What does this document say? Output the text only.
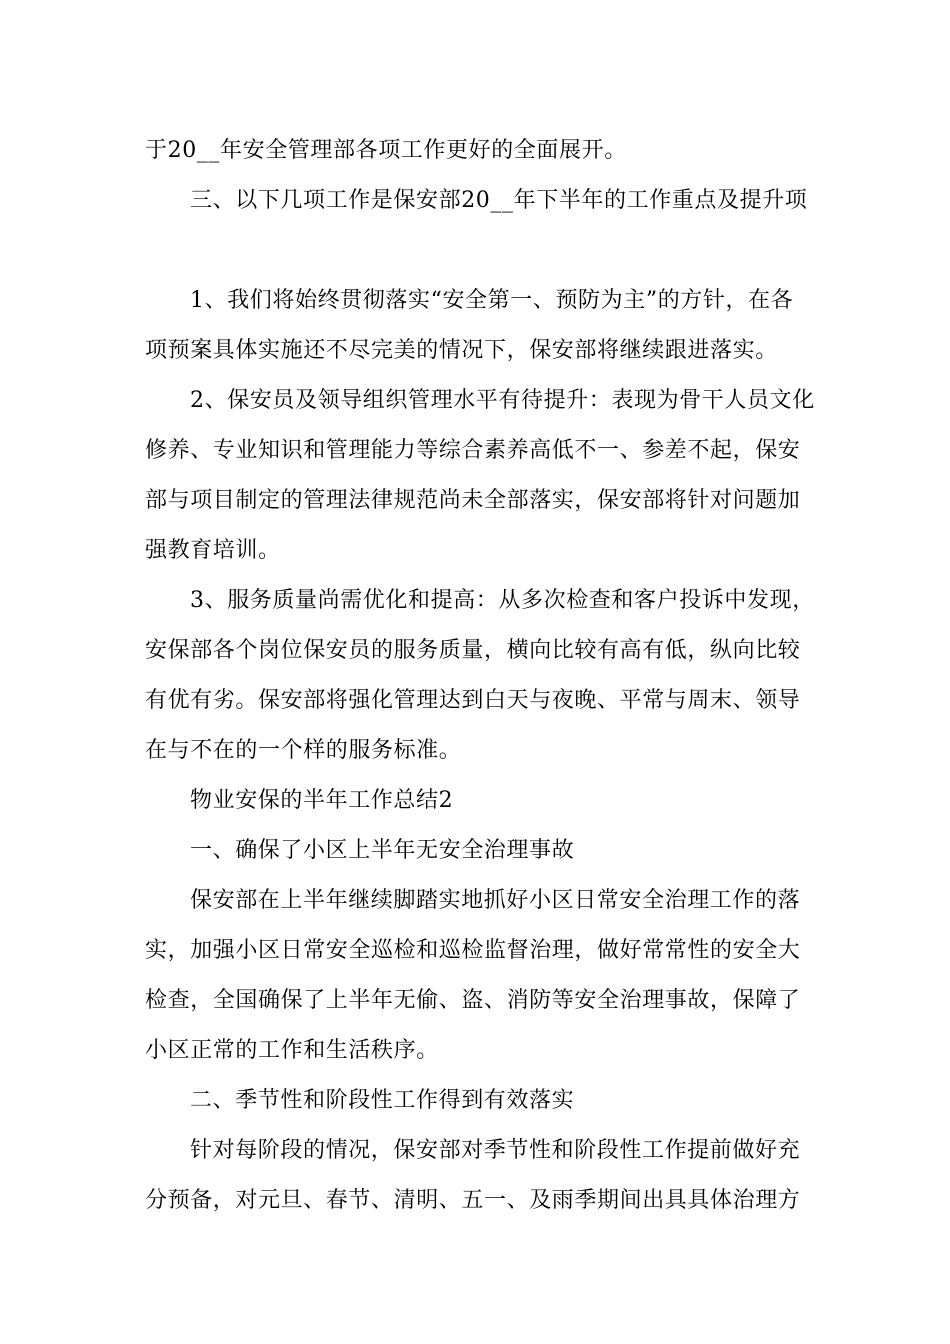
于20__年安全管理部各项工作更好的全面展开。
三、以下几项工作是保安部20__年下半年的工作重点及提升项
1、我们将始终贯彻落实“安全第一、预防为主”的方针，在各
项预案具体实施还不尽完美的情况下，保安部将继续跟进落实。
2、保安员及领导组织管理水平有待提升：表现为骨干人员文化
修养、专业知识和管理能力等综合素养高低不一、参差不起，保安
部与项目制定的管理法律规范尚未全部落实，保安部将针对问题加
强教育培训。
3、服务质量尚需优化和提高：从多次检查和客户投诉中发现，
安保部各个岗位保安员的服务质量，横向比较有高有低，纵向比较
有优有劣。保安部将强化管理达到白天与夜晚、平常与周末、领导
在与不在的一个样的服务标准。
物业安保的半年工作总结2
一、确保了小区上半年无安全治理事故
保安部在上半年继续脚踏实地抓好小区日常安全治理工作的落
实，加强小区日常安全巡检和巡检监督治理，做好常常性的安全大
检查，全国确保了上半年无偷、盗、消防等安全治理事故，保障了
小区正常的工作和生活秩序。
二、季节性和阶段性工作得到有效落实
针对每阶段的情况，保安部对季节性和阶段性工作提前做好充
分预备，对元旦、春节、清明、五一、及雨季期间出具具体治理方
